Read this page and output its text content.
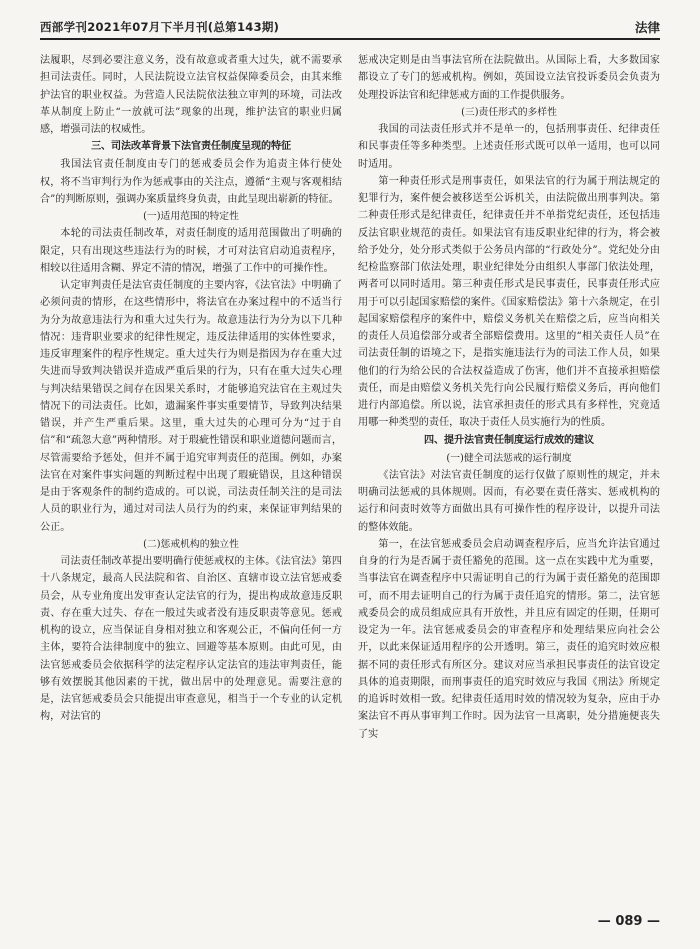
西部学刊2021年07月下半月刊(总第143期)	法律

法履职，尽到必要注意义务，没有故意或者重大过失，就不需要承担司法责任。同时，人民法院设立法官权益保障委员会，由其来维护法官的职业权益。为营造人民法院依法独立审判的环境，司法改革从制度上防止“一放就可法”现象的出现，维护法官的职业归属感，增强司法的权威性。

三、司法改革背景下法官责任制度呈现的特征

我国法官责任制度由专门的惩戒委员会作为追责主体行使处权，将不当审判行为作为惩戒事由的关注点，遵循“主观与客观相结合”的判断原则，强调办案质量终身负责，由此呈现出崭新的特征。

(一)适用范围的特定性

本轮的司法责任制改革，对责任制度的适用范围做出了明确的限定，只有出现这些违法行为的时候，才可对法官启动追责程序，相较以往适用含糊、界定不清的情况，增强了工作中的可操作性。

认定审判责任是法官责任制度的主要内容，《法官法》中明确了必须问责的情形，在这些情形中，将法官在办案过程中的不适当行为分为故意违法行为和重大过失行为。故意违法行为分为以下几种情况：违背职业要求的纪律性规定，违反法律适用的实体性要求，违反审理案件的程序性规定。重大过失行为则是指因为存在重大过失进而导致判决错误并造成严重后果的行为，只有在重大过失心理与判决结果错误之间存在因果关系时，才能够追究法官在主观过失情况下的司法责任。比如，遗漏案件事实重要情节，导致判决结果错误，并产生严重后果。这里，重大过失的心理可分为“过于自信”和“疏忽大意”两种情形。对于瑕疵性错误和职业道德问题而言，尽管需要给予惩处，但并不属于追究审判责任的范围。例如，办案法官在对案件事实问题的判断过程中出现了瑕疵错误，且这种错误是由于客观条件的制约造成的。可以说，司法责任制关注的是司法人员的职业行为，通过对司法人员行为的约束，来保证审判结果的公正。

(二)惩戒机构的独立性

司法责任制改革提出要明确行使惩戒权的主体。《法官法》第四十八条规定，最高人民法院和省、自治区、直辖市设立法官惩戒委员会，从专业角度出发审查认定法官的行为，提出构成故意违反职责、存在重大过失、存在一般过失或者没有违反职责等意见。惩戒机构的设立，应当保证自身相对独立和客观公正，不偏向任何一方主体，要符合法律制度中的独立、回避等基本原则。由此可见，由法官惩戒委员会依据科学的法定程序认定法官的违法审判责任，能够有效摆脱其他因素的干扰，做出居中的处理意见。需要注意的是，法官惩戒委员会只能提出审查意见，相当于一个专业的认定机构，对法官的

惩戒决定则是由当事法官所在法院做出。从国际上看，大多数国家都设立了专门的惩戒机构。例如，英国设立法官投诉委员会负责为处理投诉法官和纪律惩戒方面的工作提供服务。

(三)责任形式的多样性

我国的司法责任形式并不是单一的，包括刑事责任、纪律责任和民事责任等多种类型。上述责任形式既可以单一适用，也可以同时适用。

第一种责任形式是刑事责任，如果法官的行为属于刑法规定的犯罪行为，案件便会被移送至公诉机关，由法院做出刑事判决。第二种责任形式是纪律责任，纪律责任并不单指党纪责任，还包括违反法官职业规范的责任。如果法官有违反职业纪律的行为，将会被给予处分，处分形式类似于公务员内部的“行政处分”。党纪处分由纪检监察部门依法处理，职业纪律处分由组织人事部门依法处理，两者可以同时适用。第三种责任形式是民事责任，民事责任形式应用于可以引起国家赔偿的案件。《国家赔偿法》第十六条规定，在引起国家赔偿程序的案件中，赔偿义务机关在赔偿之后，应当向相关的责任人员追偿部分或者全部赔偿费用。这里的“相关责任人员”在司法责任制的语境之下，是指实施违法行为的司法工作人员，如果他们的行为给公民的合法权益造成了伤害，他们并不直接承担赔偿责任，而是由赔偿义务机关先行向公民履行赔偿义务后，再向他们进行内部追偿。所以说，法官承担责任的形式具有多样性，究竟适用哪一种类型的责任，取决于责任人员实施行为的性质。

四、提升法官责任制度运行成效的建议
(一)健全司法惩戒的运行制度

《法官法》对法官责任制度的运行仅做了原则性的规定，并未明确司法惩戒的具体规则。因而，有必要在责任落实、惩戒机构的运行和问责时效等方面做出具有可操作性的程序设计，以提升司法的整体效能。

第一，在法官惩戒委员会启动调查程序后，应当允许法官通过自身的行为是否属于责任豁免的范围。这一点在实践中尤为重要，当事法官在调查程序中只需证明自己的行为属于责任豁免的范围即可，而不用去证明自己的行为属于责任追究的情形。第二，法官惩戒委员会的成员组成应具有开放性，并且应有固定的任期，任期可设定为一年。法官惩戒委员会的审查程序和处理结果应向社会公开，以此来保证适用程序的公开透明。第三，责任的追究时效应根据不同的责任形式有所区分。建议对应当承担民事责任的法官设定具体的追责期限，而刑事责任的追究时效应与我国《刑法》所规定的追诉时效相一致。纪律责任适用时效的情况较为复杂，应由于办案法官不再从事审判工作时。因为法官一旦离职，处分措施便丧失了实

— 089 —
